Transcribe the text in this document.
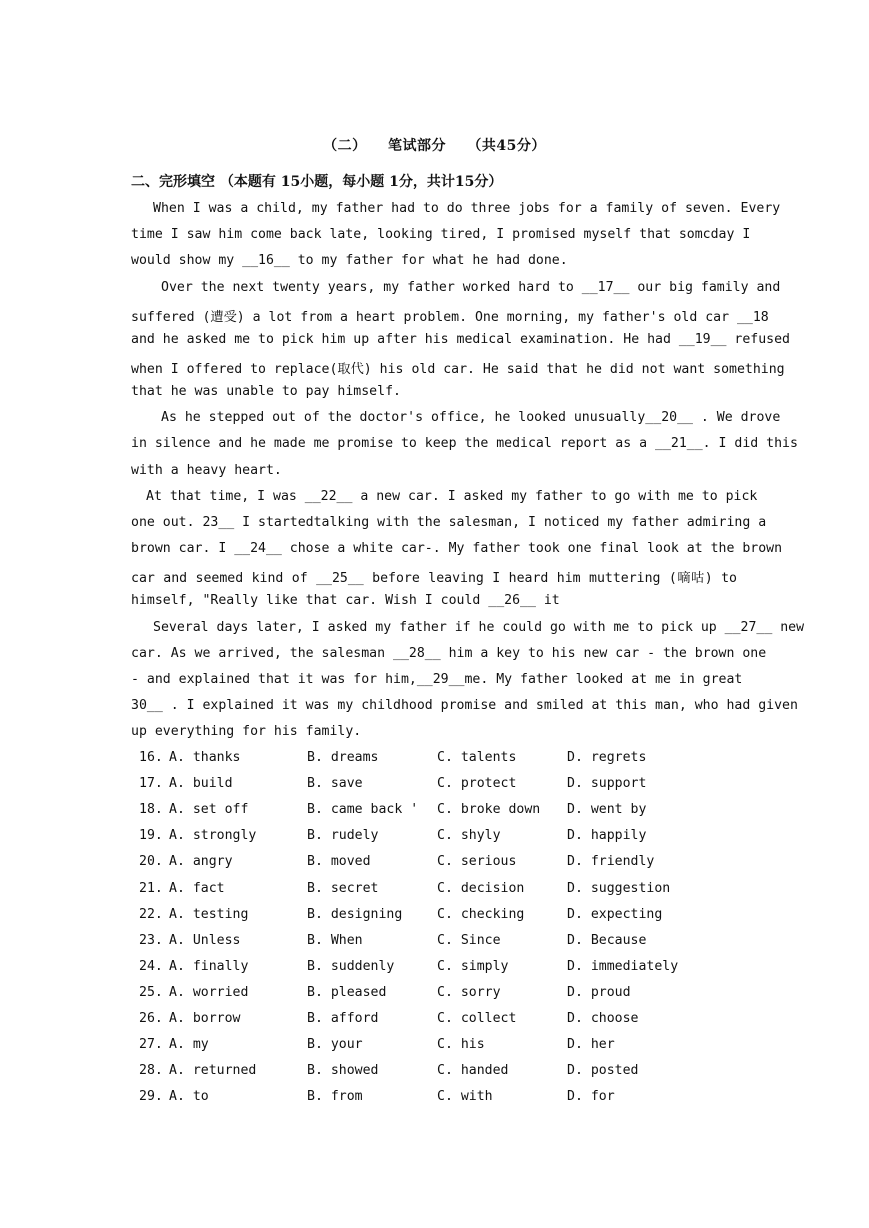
（二） 笔试部分 （共45分）
二、完形填空 （本题有 15小题，每小题 1分，共计15分）
When I was a child, my father had to do three jobs for a family of seven. Every
time I saw him come back late, looking tired, I promised myself that somcday I
would show my __16__ to my father for what he had done.
Over the next twenty years, my father worked hard to __17__ our big family and
suffered (遭受) a lot from a heart problem. One morning, my father's old car __18
and he asked me to pick him up after his medical examination. He had __19__ refused
when I offered to replace(取代) his old car. He said that he did not want something
that he was unable to pay himself.
As he stepped out of the doctor's office, he looked unusually__20__ . We drove
in silence and he made me promise to keep the medical report as a __21__. I did this
with a heavy heart.
At that time, I was __22__ a new car. I asked my father to go with me to pick
one out. 23__ I startedtalking with the salesman, I noticed my father admiring a
brown car. I __24__ chose a white car-. My father took one final look at the brown
car and seemed kind of __25__ before leaving I heard him muttering (嘀咕) to
himself, "Really like that car. Wish I could __26__ it
Several days later, I asked my father if he could go with me to pick up __27__ new
car. As we arrived, the salesman __28__ him a key to his new car - the brown one
- and explained that it was for him,__29__me. My father looked at me in great
30__ . I explained it was my childhood promise and smiled at this man, who had given
up everything for his family.
16. A. thanks	B. dreams	C. talents	D. regrets
17. A. build	B. save	C. protect	D. support
18. A. set off	B. came back ' C. broke down D. went by
19. A. strongly	B. rudely	C. shyly	D. happily
20. A. angry	B. moved	C. serious	D. friendly
21. A. fact	B. secret	C. decision	D. suggestion
22. A. testing	B. designing	C. checking	D. expecting
23. A. Unless	B. When	C. Since	D. Because
24. A. finally	B. suddenly	C. simply	D. immediately
25. A. worried	B. pleased	C. sorry	D. proud
26. A. borrow	B. afford	C. collect	D. choose
27. A. my	B. your	C. his	D. her
28. A. returned	B. showed	C. handed	D. posted
29. A. to	B. from	C. with	D. for
